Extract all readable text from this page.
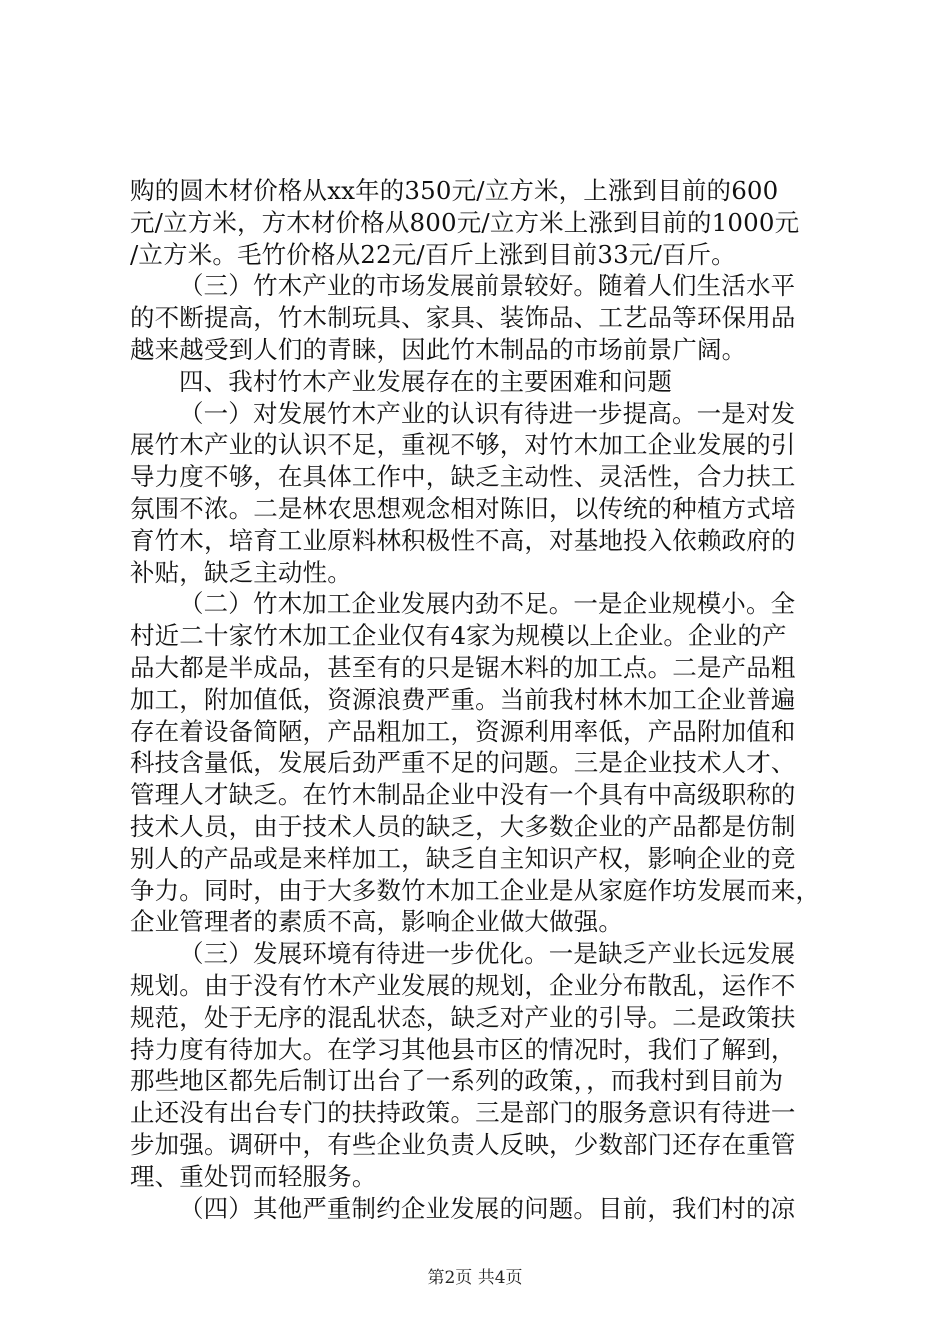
购的圆木材价格从xx年的350元/立方米，上涨到目前的600
元/立方米，方木材价格从800元/立方米上涨到目前的1000元
/立方米。毛竹价格从22元/百斤上涨到目前33元/百斤。
（三）竹木产业的市场发展前景较好。随着人们生活水平
的不断提高，竹木制玩具、家具、装饰品、工艺品等环保用品
越来越受到人们的青睐，因此竹木制品的市场前景广阔。
四、我村竹木产业发展存在的主要困难和问题
（一）对发展竹木产业的认识有待进一步提高。一是对发
展竹木产业的认识不足，重视不够，对竹木加工企业发展的引
导力度不够，在具体工作中，缺乏主动性、灵活性，合力扶工
氛围不浓。二是林农思想观念相对陈旧，以传统的种植方式培
育竹木，培育工业原料林积极性不高，对基地投入依赖政府的
补贴，缺乏主动性。
（二）竹木加工企业发展内劲不足。一是企业规模小。全
村近二十家竹木加工企业仅有4家为规模以上企业。企业的产
品大都是半成品，甚至有的只是锯木料的加工点。二是产品粗
加工，附加值低，资源浪费严重。当前我村林木加工企业普遍
存在着设备简陋，产品粗加工，资源利用率低，产品附加值和
科技含量低，发展后劲严重不足的问题。三是企业技术人才、
管理人才缺乏。在竹木制品企业中没有一个具有中高级职称的
技术人员，由于技术人员的缺乏，大多数企业的产品都是仿制
别人的产品或是来样加工，缺乏自主知识产权，影响企业的竞
争力。同时，由于大多数竹木加工企业是从家庭作坊发展而来，
企业管理者的素质不高，影响企业做大做强。
（三）发展环境有待进一步优化。一是缺乏产业长远发展
规划。由于没有竹木产业发展的规划，企业分布散乱，运作不
规范，处于无序的混乱状态，缺乏对产业的引导。二是政策扶
持力度有待加大。在学习其他县市区的情况时，我们了解到，
那些地区都先后制订出台了一系列的政策，，而我村到目前为
止还没有出台专门的扶持政策。三是部门的服务意识有待进一
步加强。调研中，有些企业负责人反映，少数部门还存在重管
理、重处罚而轻服务。
（四）其他严重制约企业发展的问题。目前，我们村的凉
第2页 共4页
